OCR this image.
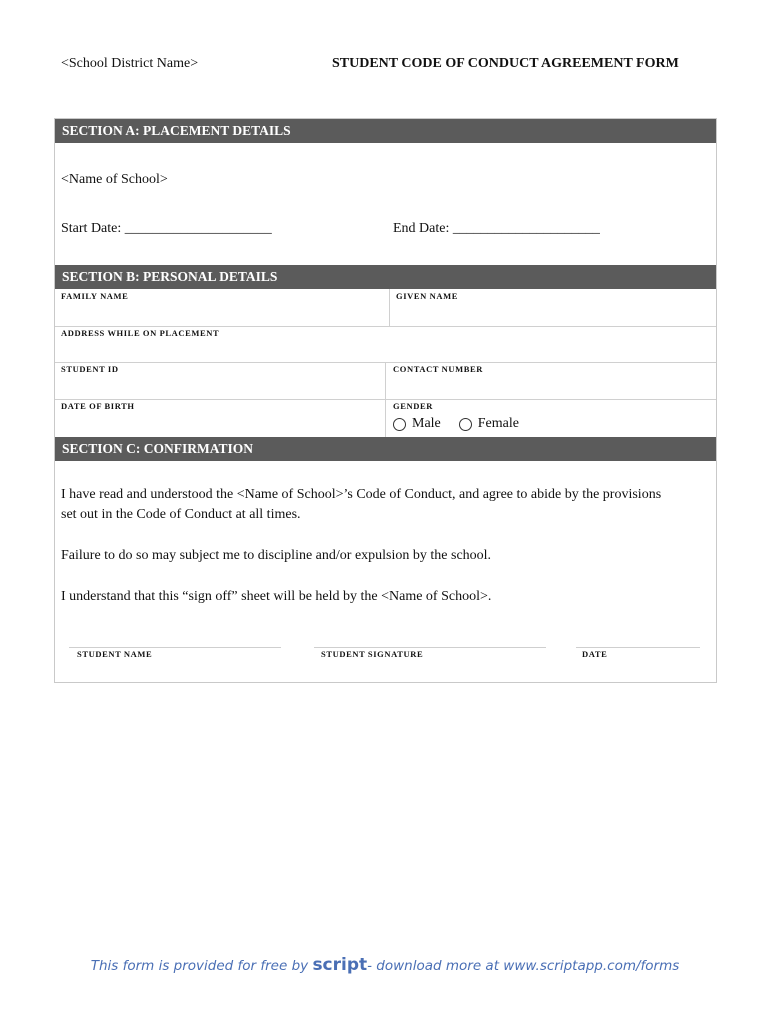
<School District Name>	STUDENT CODE OF CONDUCT AGREEMENT FORM
SECTION A: PLACEMENT DETAILS
<Name of School>
Start Date: _____________________	End Date: _____________________
SECTION B: PERSONAL DETAILS
FAMILY NAME	GIVEN NAME
ADDRESS WHILE ON PLACEMENT
STUDENT ID	CONTACT NUMBER
DATE OF BIRTH	GENDER
Male	Female
SECTION C: CONFIRMATION
I have read and understood the <Name of School>’s Code of Conduct, and agree to abide by the provisions
set out in the Code of Conduct at all times.
Failure to do so may subject me to discipline and/or expulsion by the school.
I understand that this “sign off” sheet will be held by the <Name of School>.
STUDENT NAME	STUDENT SIGNATURE	DATE
This form is provided for free by script- download more at www.scriptapp.com/forms
